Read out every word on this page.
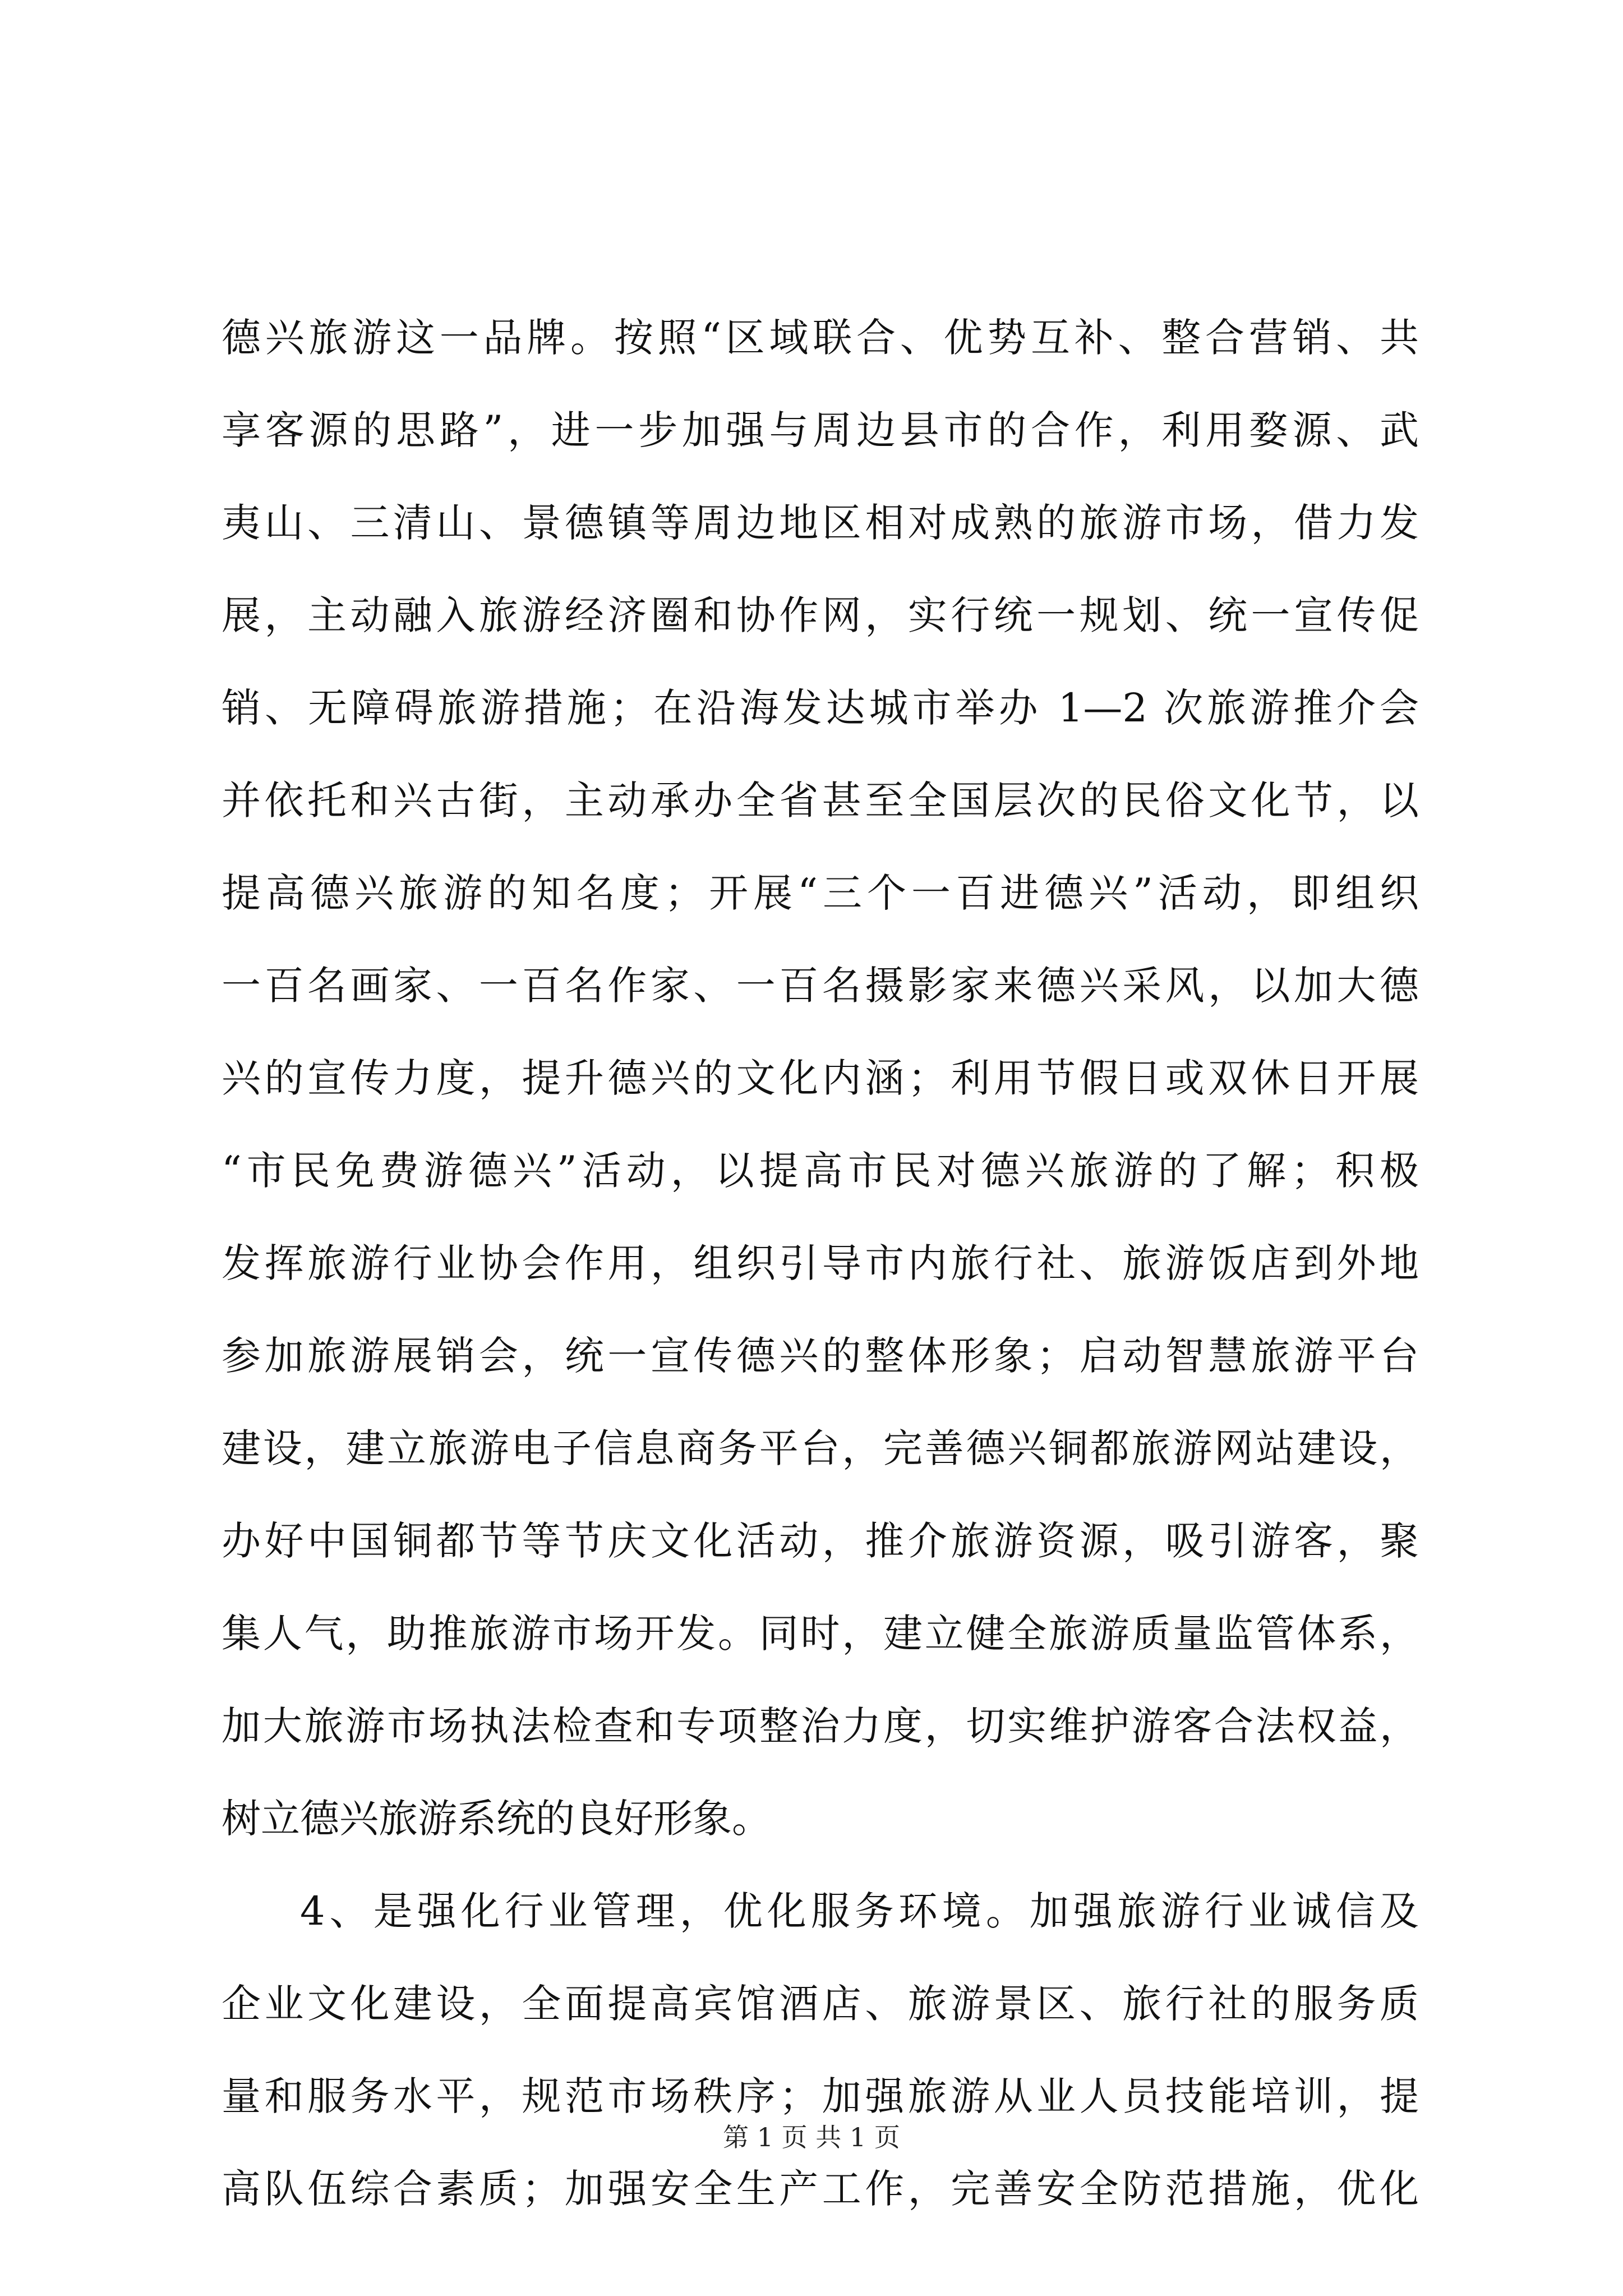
德兴旅游这一品牌。按照“区域联合、优势互补、整合营销、共
享客源的思路”，进一步加强与周边县市的合作，利用婺源、武
夷山、三清山、景德镇等周边地区相对成熟的旅游市场，借力发
展，主动融入旅游经济圈和协作网，实行统一规划、统一宣传促
销、无障碍旅游措施；在沿海发达城市举办 1—2 次旅游推介会
并依托和兴古街，主动承办全省甚至全国层次的民俗文化节，以
提高德兴旅游的知名度；开展“三个一百进德兴”活动，即组织
一百名画家、一百名作家、一百名摄影家来德兴采风，以加大德
兴的宣传力度，提升德兴的文化内涵；利用节假日或双休日开展
“市民免费游德兴”活动，以提高市民对德兴旅游的了解；积极
发挥旅游行业协会作用，组织引导市内旅行社、旅游饭店到外地
参加旅游展销会，统一宣传德兴的整体形象；启动智慧旅游平台
建设，建立旅游电子信息商务平台，完善德兴铜都旅游网站建设，
办好中国铜都节等节庆文化活动，推介旅游资源，吸引游客，聚
集人气，助推旅游市场开发。同时，建立健全旅游质量监管体系，
加大旅游市场执法检查和专项整治力度，切实维护游客合法权益，
树立德兴旅游系统的良好形象。
4、是强化行业管理，优化服务环境。加强旅游行业诚信及
企业文化建设，全面提高宾馆酒店、旅游景区、旅行社的服务质
量和服务水平，规范市场秩序；加强旅游从业人员技能培训，提
高队伍综合素质；加强安全生产工作，完善安全防范措施，优化
第 1 页 共 1 页
